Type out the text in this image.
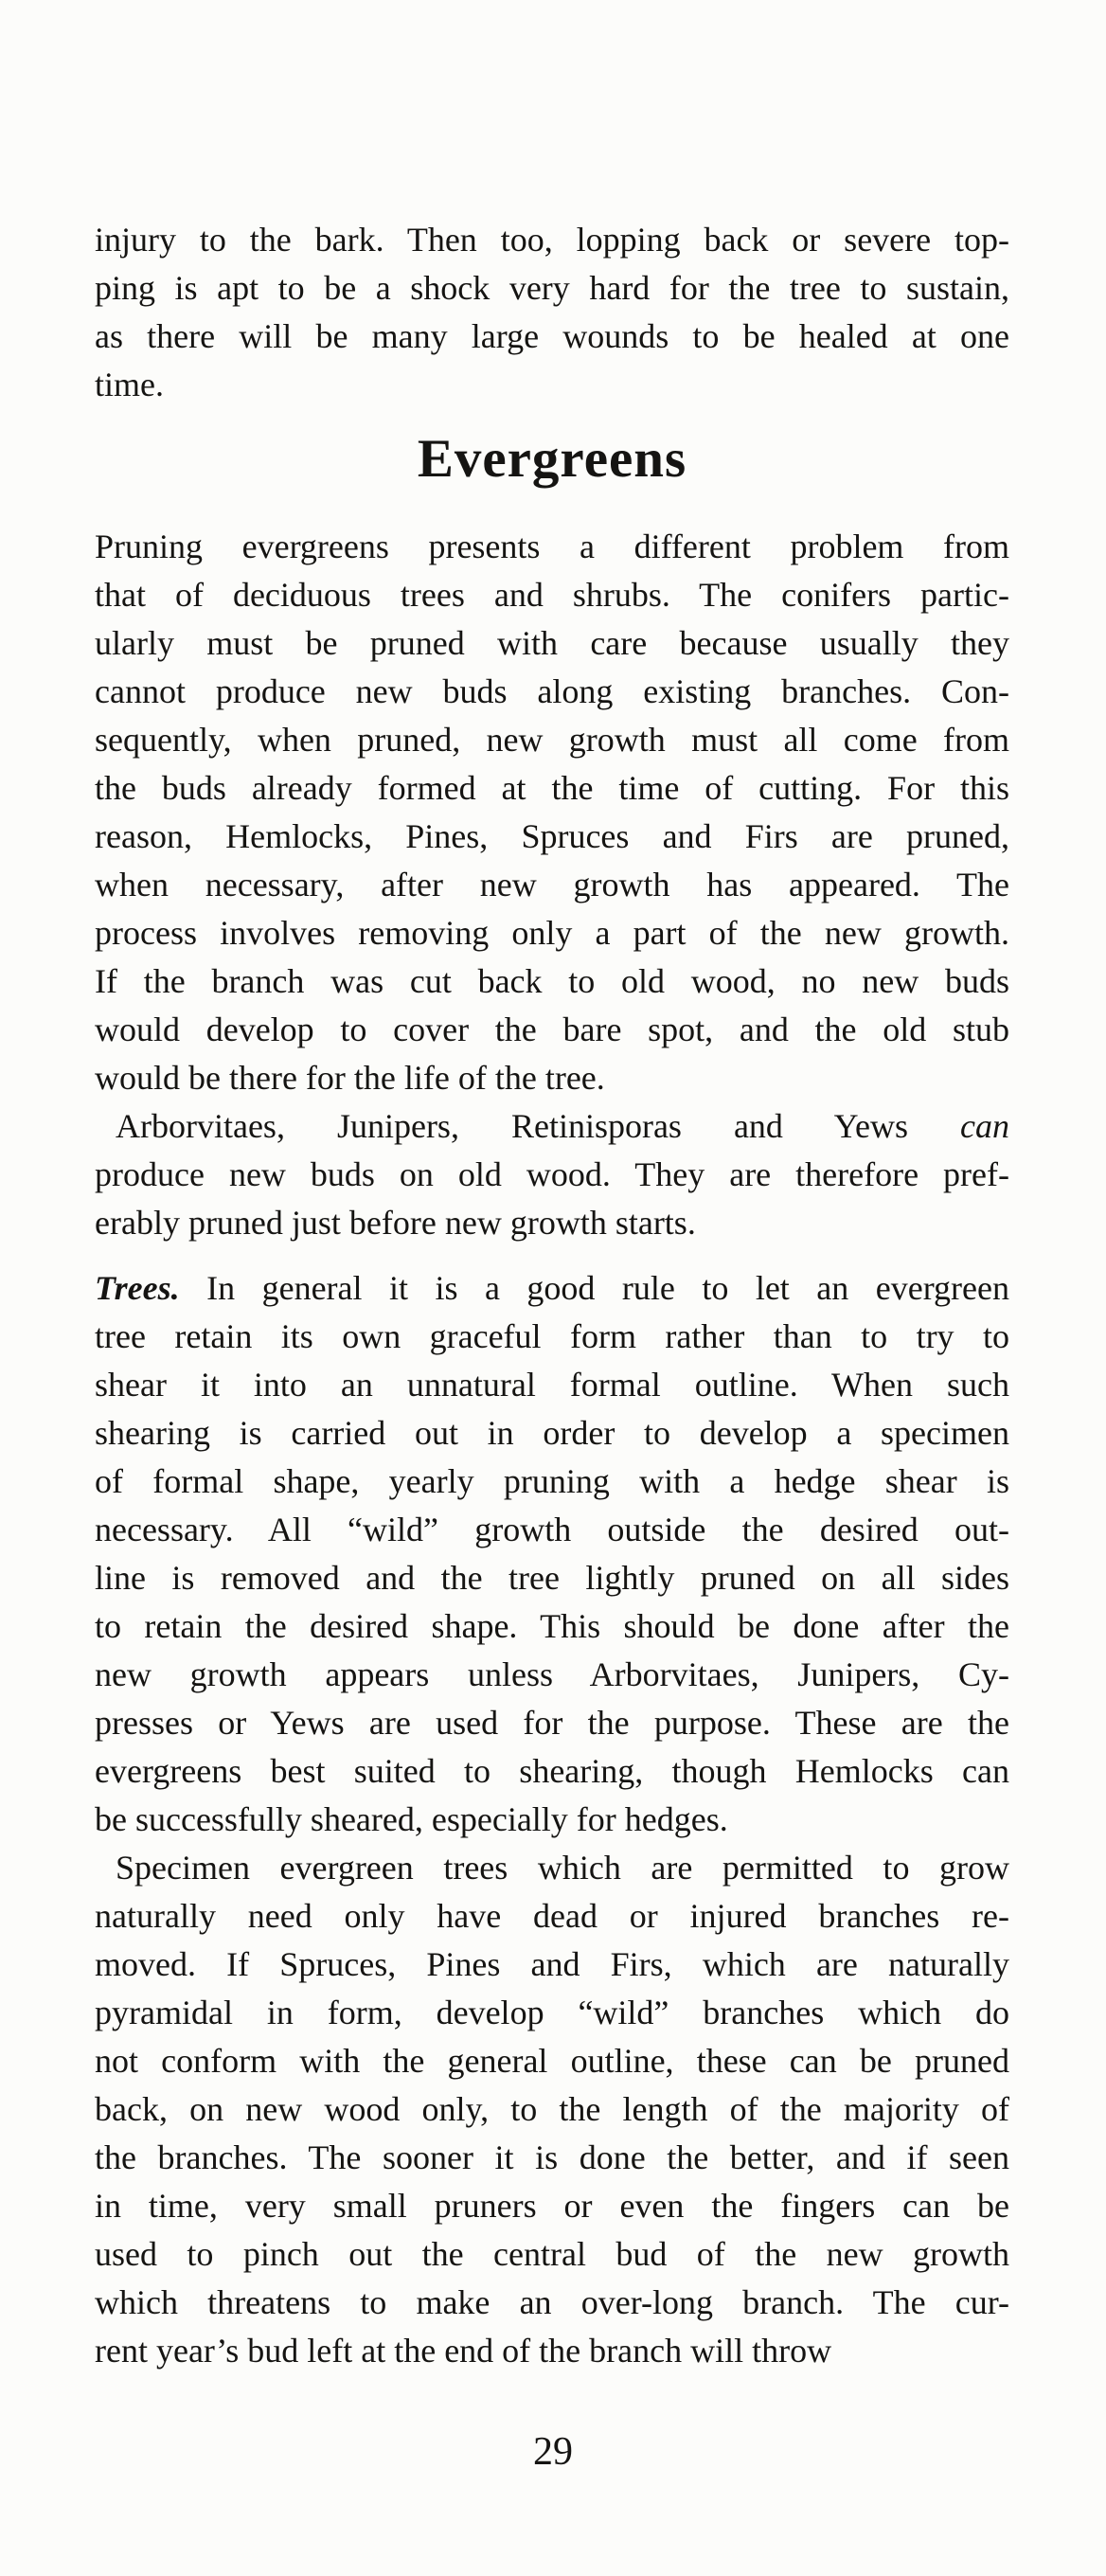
injury to the bark. Then too, lopping back or severe top-
ping is apt to be a shock very hard for the tree to sustain,
as there will be many large wounds to be healed at one
time.
Evergreens
Pruning evergreens presents a different problem from
that of deciduous trees and shrubs. The conifers partic-
ularly must be pruned with care because usually they
cannot produce new buds along existing branches. Con-
sequently, when pruned, new growth must all come from
the buds already formed at the time of cutting. For this
reason, Hemlocks, Pines, Spruces and Firs are pruned,
when necessary, after new growth has appeared. The
process involves removing only a part of the new growth.
If the branch was cut back to old wood, no new buds
would develop to cover the bare spot, and the old stub
would be there for the life of the tree.
Arborvitaes, Junipers, Retinisporas and Yews can
produce new buds on old wood. They are therefore pref-
erably pruned just before new growth starts.
Trees. In general it is a good rule to let an evergreen
tree retain its own graceful form rather than to try to
shear it into an unnatural formal outline. When such
shearing is carried out in order to develop a specimen
of formal shape, yearly pruning with a hedge shear is
necessary. All “wild” growth outside the desired out-
line is removed and the tree lightly pruned on all sides
to retain the desired shape. This should be done after the
new growth appears unless Arborvitaes, Junipers, Cy-
presses or Yews are used for the purpose. These are the
evergreens best suited to shearing, though Hemlocks can
be successfully sheared, especially for hedges.
Specimen evergreen trees which are permitted to grow
naturally need only have dead or injured branches re-
moved. If Spruces, Pines and Firs, which are naturally
pyramidal in form, develop “wild” branches which do
not conform with the general outline, these can be pruned
back, on new wood only, to the length of the majority of
the branches. The sooner it is done the better, and if seen
in time, very small pruners or even the fingers can be
used to pinch out the central bud of the new growth
which threatens to make an over-long branch. The cur-
rent year’s bud left at the end of the branch will throw
29
